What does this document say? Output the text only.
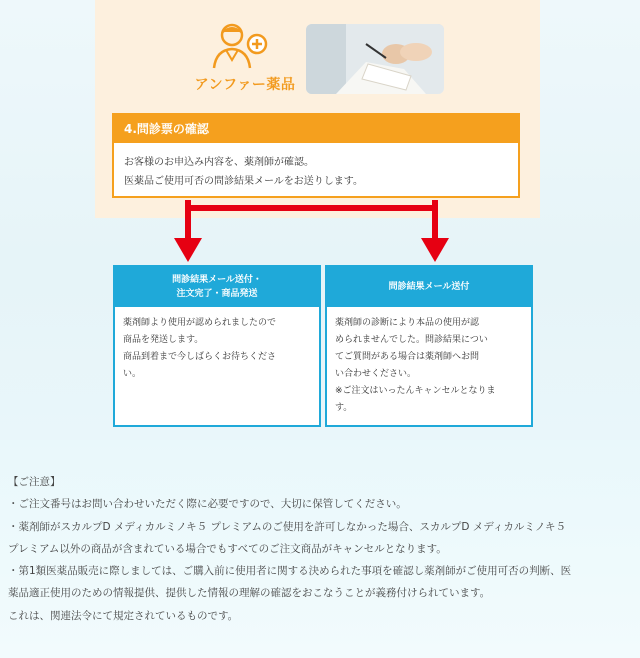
アンファー薬品
4.問診票の確認
お客様のお申込み内容を、薬剤師が確認。
医薬品ご使用可否の問診結果メールをお送りします。
問診結果メール送付・
注文完了・商品発送

薬剤師より使用が認められましたので

商品を発送します。

商品到着まで今しばらくお待ちくださ

い。

問診結果メール送付

薬剤師の診断により本品の使用が認

められませんでした。問診結果につい

てご質問がある場合は薬剤師へお問

い合わせください。

※ご注文はいったんキャンセルとなりま

す。

【ご注意】
・ご注文番号はお問い合わせいただく際に必要ですので、大切に保管してください。
・薬剤師がスカルプD メディカルミノキ５ プレミアムのご使用を許可しなかった場合、スカルプD メディカルミノキ５
プレミアム以外の商品が含まれている場合でもすべてのご注文商品がキャンセルとなります。
・第1類医薬品販売に際しましては、ご購入前に使用者に関する決められた事項を確認し薬剤師がご使用可否の判断、医
薬品適正使用のための情報提供、提供した情報の理解の確認をおこなうことが義務付けられています。
これは、関連法令にて規定されているものです。
